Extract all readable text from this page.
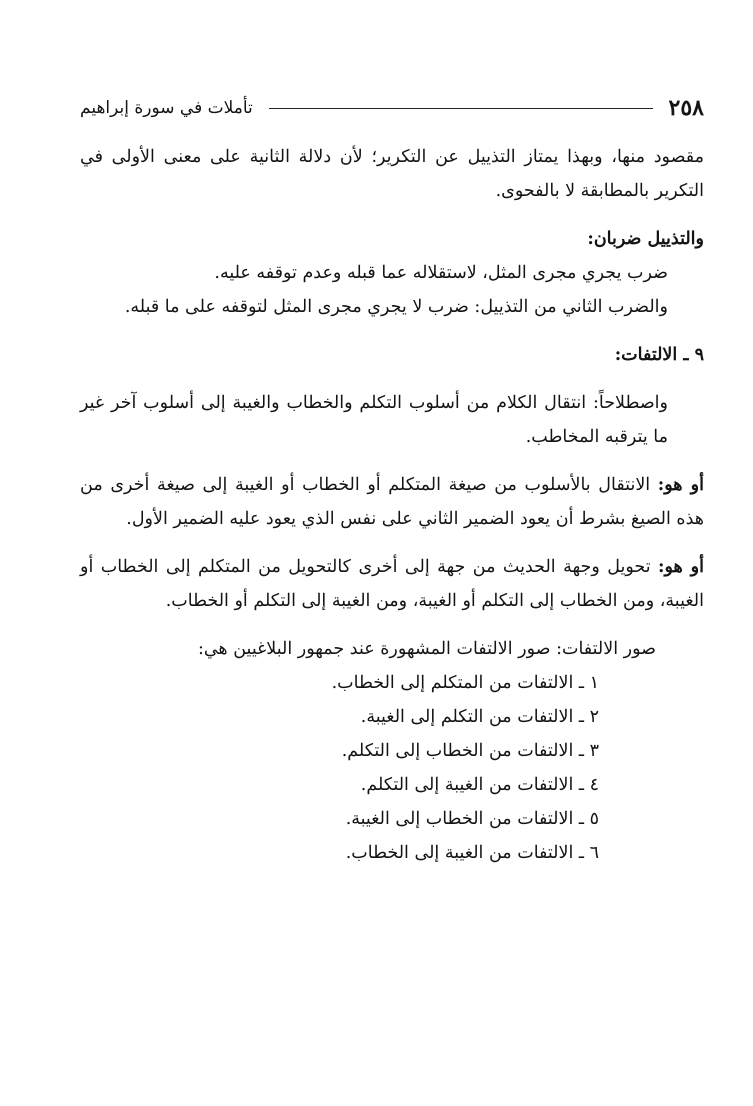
٢٥٨
تأملات في سورة إبراهيم

مقصود منها، وبهذا يمتاز التذييل عن التكرير؛ لأن دلالة الثانية على معنى الأولى في التكرير بالمطابقة لا بالفحوى.

والتذييل ضربان:

ضرب يجري مجرى المثل، لاستقلاله عما قبله وعدم توقفه عليه.

والضرب الثاني من التذييل: ضرب لا يجري مجرى المثل لتوقفه على ما قبله.

٩ ـ الالتفات:

واصطلاحاً: انتقال الكلام من أسلوب التكلم والخطاب والغيبة إلى أسلوب آخر غير ما يترقبه المخاطب.

أو هو: الانتقال بالأسلوب من صيغة المتكلم أو الخطاب أو الغيبة إلى صيغة أخرى من هذه الصيغ بشرط أن يعود الضمير الثاني على نفس الذي يعود عليه الضمير الأول.

أو هو: تحويل وجهة الحديث من جهة إلى أخرى كالتحويل من المتكلم إلى الخطاب أو الغيبة، ومن الخطاب إلى التكلم أو الغيبة، ومن الغيبة إلى التكلم أو الخطاب.

صور الالتفات: صور الالتفات المشهورة عند جمهور البلاغيين هي:

١ ـ الالتفات من المتكلم إلى الخطاب.

٢ ـ الالتفات من التكلم إلى الغيبة.

٣ ـ الالتفات من الخطاب إلى التكلم.

٤ ـ الالتفات من الغيبة إلى التكلم.

٥ ـ الالتفات من الخطاب إلى الغيبة.

٦ ـ الالتفات من الغيبة إلى الخطاب.
